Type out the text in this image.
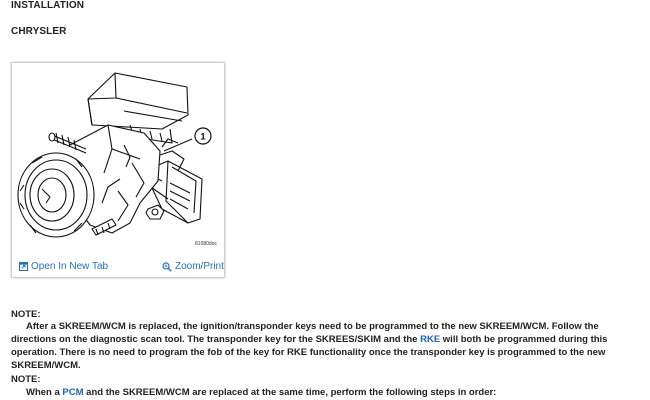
INSTALLATION
CHRYSLER
1
81080doc
Open In New Tab	Zoom/Print
NOTE:
After a SKREEM/WCM is replaced, the ignition/transponder keys need to be programmed to the new SKREEM/WCM. Follow the directions on the diagnostic scan tool. The transponder key for the SKREES/SKIM and the RKE will both be programmed during this operation. There is no need to program the fob of the key for RKE functionality once the transponder key is programmed to the new SKREEM/WCM.
NOTE:
When a PCM and the SKREEM/WCM are replaced at the same time, perform the following steps in order:
